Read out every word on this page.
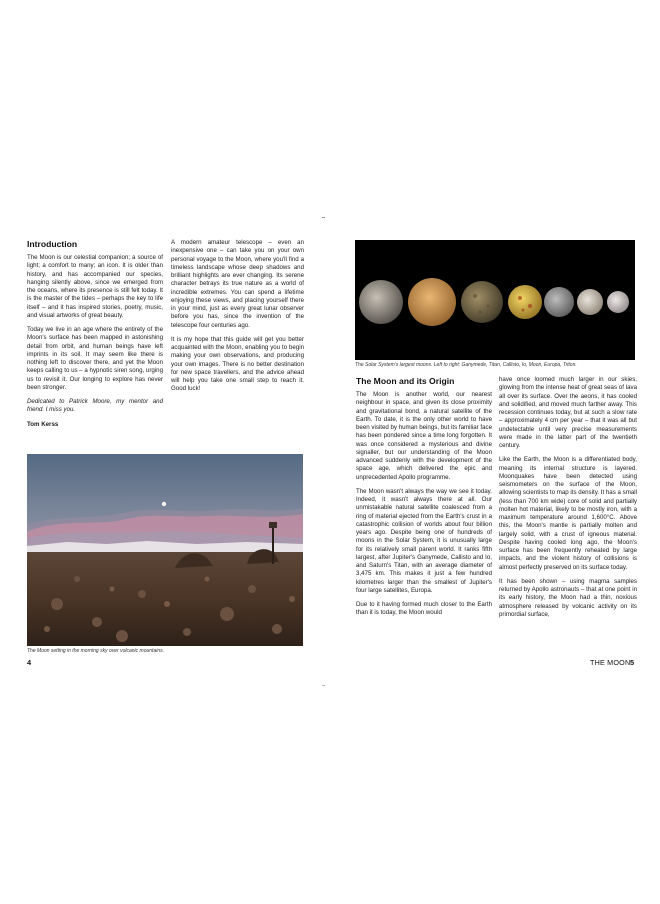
Introduction

The Moon is our celestial companion; a source of light; a comfort to many; an icon. It is older than history, and has accompanied our species, hanging silently above, since we emerged from the oceans, where its presence is still felt today. It is the master of the tides – perhaps the key to life itself – and it has inspired stories, poetry, music, and visual artworks of great beauty.

Today we live in an age where the entirety of the Moon's surface has been mapped in astonishing detail from orbit, and human beings have left imprints in its soil. It may seem like there is nothing left to discover there, and yet the Moon keeps calling to us – a hypnotic siren song, urging us to revisit it. Our longing to explore has never been stronger.

Dedicated to Patrick Moore, my mentor and friend. I miss you.

Tom Kerss

A modern amateur telescope – even an inexpensive one – can take you on your own personal voyage to the Moon, where you'll find a timeless landscape whose deep shadows and brilliant highlights are ever changing. Its serene character betrays its true nature as a world of incredible extremes. You can spend a lifetime enjoying these views, and placing yourself there in your mind, just as every great lunar observer before you has, since the invention of the telescope four centuries ago.

It is my hope that this guide will get you better acquainted with the Moon, enabling you to begin making your own observations, and producing your own images. There is no better destination for new space travellers, and the advice ahead will help you take one small step to reach it. Good luck!

The Moon setting in the morning sky over volcanic mountains.
4
The Solar System's largest moons. Left to right: Ganymede, Titan, Callisto, Io, Moon, Europa, Triton.
The Moon and its Origin

The Moon is another world, our nearest neighbour in space, and given its close proximity and gravitational bond, a natural satellite of the Earth. To date, it is the only other world to have been visited by human beings, but its familiar face has been pondered since a time long forgotten. It was once considered a mysterious and divine signaller, but our understanding of the Moon advanced suddenly with the development of the space age, which delivered the epic and unprecedented Apollo programme.

The Moon wasn't always the way we see it today. Indeed, it wasn't always there at all. Our unmistakable natural satellite coalesced from a ring of material ejected from the Earth's crust in a catastrophic collision of worlds about four billion years ago. Despite being one of hundreds of moons in the Solar System, it is unusually large for its relatively small parent world. It ranks fifth largest, after Jupiter's Ganymede, Callisto and Io, and Saturn's Titan, with an average diameter of 3,475 km. This makes it just a few hundred kilometres larger than the smallest of Jupiter's four large satellites, Europa.

Due to it having formed much closer to the Earth than it is today, the Moon would

have once loomed much larger in our skies, glowing from the intense heat of great seas of lava all over its surface. Over the aeons, it has cooled and solidified, and moved much farther away. This recession continues today, but at such a slow rate – approximately 4 cm per year – that it was all but undetectable until very precise measurements were made in the latter part of the twentieth century.

Like the Earth, the Moon is a differentiated body, meaning its internal structure is layered. Moonquakes have been detected using seismometers on the surface of the Moon, allowing scientists to map its density. It has a small (less than 700 km wide) core of solid and partially molten hot material, likely to be mostly iron, with a maximum temperature around 1,600°C. Above this, the Moon's mantle is partially molten and largely solid, with a crust of igneous material. Despite having cooled long ago, the Moon's surface has been frequently reheated by large impacts, and the violent history of collisions is almost perfectly preserved on its surface today.

It has been shown – using magma samples returned by Apollo astronauts – that at one point in its early history, the Moon had a thin, noxious atmosphere released by volcanic activity on its primordial surface,

THE MOON 5
